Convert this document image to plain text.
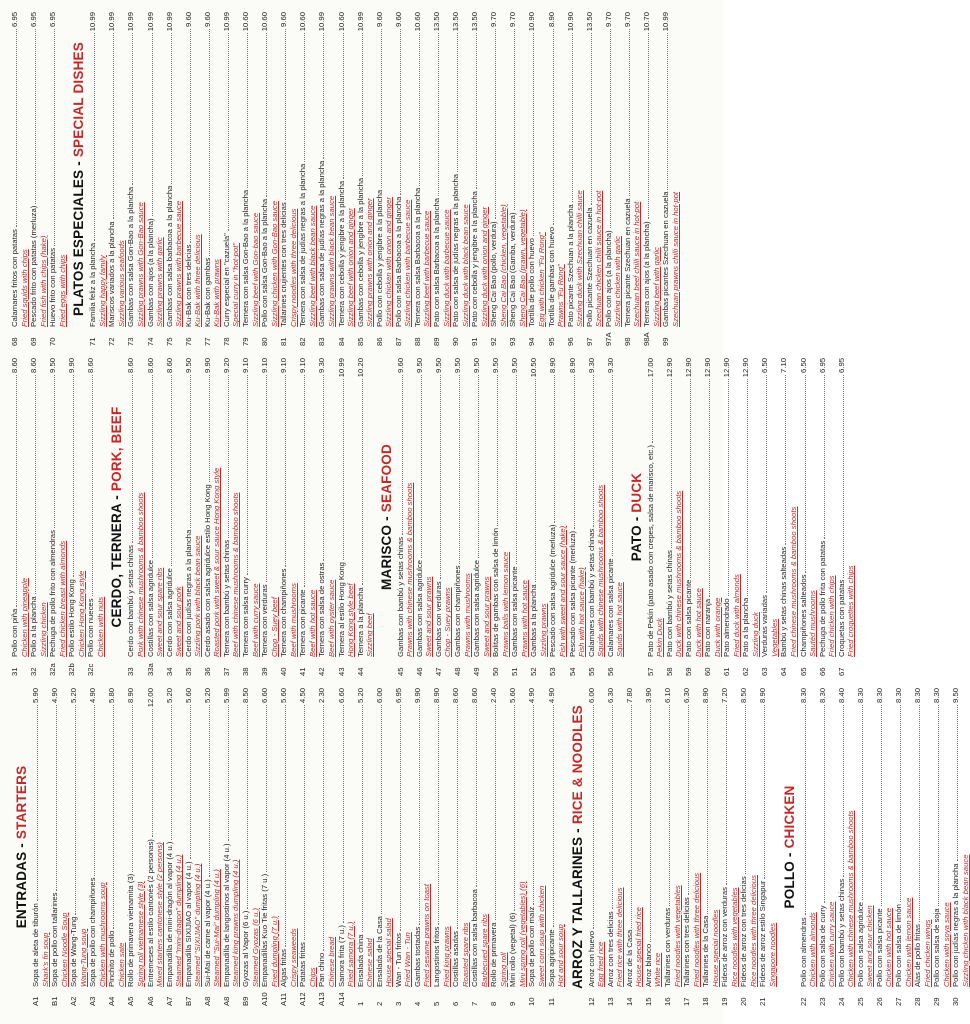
ENTRADAS - STARTERS
A1
Sopa de aleta de tiburón
5.90
Shark's fin soup
B1
Sopa de pollo con tallarines
4.90
Chicken Noodle Soup
A2
Sopa de Wang-Tung
5.20
Wang-Tung soup
A3
Sopa de pollo con champiñones
4.90
Chicken with mushrooms soup
A4
Pinchito de pollo
5.80
Chicken sate
A5
Rollo de primavera vietnamita (3)
8.90
Spring roll vietnamese style (3)
A6
Entremeses al estilo cantonés (2 personas)
12.00
Mixed starters cantonese style (2 persons)
A7
Empanadilla de mini-dragón al vapor (4 u.)
5.20
Steamed "mini-dragon" dumpling (4 u.)
B7
Empanadilla SIXIJIAO al vapor (4 u.)
5.60
Steamed "SIXIJIAO" dumpling (4 u.)
A8
Sui-Mai de carne al vapor (4 u.)
5.20
Steamed "Sui-Mai" dumpling (4 u.)
A8
Empanadilla de langostinos al vapor (4 u.)
5.99
Steamed king prawns dumpling (4 u.)
B9
Gyozas al Vapor (6 u.)
8.50
Steamed Gyozas (6 u.)
A10
Empanadillas Kuo Tie fritas (7 u.)
6.60
Fried dumpling (7 u.)
A11
Algas fritas
5.60
Crispy seaweeds
A12
Patatas fritas
4.50
Chips
A13
Pan chino
2.30
Chinese bread
A14
Samora frita (7 u.)
6.60
Fried samora (7 u.)
1
Ensalada china
5.20
Chinese salad
2
Ensalada de la Casa
6.00
House special salad
3
Wan - Tun fritos
6.95
Fried Wan - Tun
4
Gambas tostadas
9.90
Fried sesame prawns on toast
5
Langostinos fritos
8.90
Fried king prawns
6
Costillas asadas
8.60
Roasted spare ribs
7
Costillas con salsa barbacoa
8.60
Barbecued spare ribs
8
Rollo de primavera
2.40
Spring roll
9
Mini rollo (vegetal) (6)
5.60
Mini spring roll (vegetables) (6)
10
Sopa de pollo con maíz
4.90
Sweet corn soup with chicken
11
Sopa agripicante
4.90
Hot and sour soup ARROZ Y TALLARINES - RICE & NOODLES
12
Arroz con huevo
6.00
Egg fried rice
13
Arroz con tres delicias
6.30
Fried rice with three delicious
14
Arroz de la Casa
7.80
House special fried rice
15
Arroz blanco
3.90
White rice
16
Tallarines con verduras
6.10
Fried noodles with vegetables
17
Tallarines con tres delicias
6.30
Fried noodles with three delicious
18
Tallarines de la Casa
8.90
House special noodles
19
Fideos de arroz con verduras
7.20
Rice noodles with vegetables
20
Fideos de arroz con tres delicias
8.50
Rice noodles with three delicious
21
Fideos de arroz estilo Singapur
8.90
Singapore noodles
POLLO - CHICKEN
22
Pollo con almendras
8.30
Chicken with almonds
23
Pollo con salsa de curry
8.30
Chicken with curry sauce
24
Pollo con bambú y setas chinas
8.40
Chicken with chinese mushrooms & bamboo shoots
25
Pollo con salsa agridulce
8.30
Sweet and sour chicken
26
Pollo con salsa picante
8.30
Chicken with hot sauce
27
Pollo con salsa de limón
8.30
Chicken with lemon sauce
28
Alas de pollo fritas
8.30
Fried chicken wings
29
Pollo con salsa de soja
8.30
Chicken with soya sauce
30
Pollo con judías negras a la plancha
9.50
Sizzling chicken with black bean sauce
31
Pollo con piña
8.60
Chicken with pineapple
32
Pollo a la plancha
8.60
Sizzling chicken
32a
Pechuga de pollo frito con almendras
9.50
Fried chicken breast with almonds
32b
Pollo estilo Hong Kong
9.90
Chicken Hong Kong style
32c
Pollo con nueces
8.60
Chicken with nuts CERDO, TERNERA - PORK, BEEF
33
Cerdo con bambú y setas chinas
8.60
Pork with chinese mushrooms & bamboo shoots
33a
Costillas con salsa agridulce
8.60
Sweet and sour spare ribs
34
Cerdo con salsa agridulce
8.60
Sweet and sour pork
35
Cerdo con judías negras a la plancha
9.50
Sizzling pork with black bean sauce
36
Cerdo asado con salsa agridulce estilo Hong Kong
9.90
Roasted pork with sweet & sour sauce Hong Kong style
37
Ternera con bambú y setas chinas
9.20
Beef with chinese mushrooms & bamboo shoots
38
Ternera con salsa curry
9.10
Beef with curry sauce
39
Ternera con verduras
9.10
Chop - Suey beef
40
Ternera con champiñones
9.10
Beef with mushrooms
41
Ternera con picante
9.10
Beef with hot sauce
42
Ternera con salsa de ostras
9.30
Beef with oyster sauce
43
Ternera al estilo Hong Kong
10.99
Hong Kong style beef
44
Ternera a la plancha
10.20
Sizzling beef
MARISCO - SEAFOOD
45
Gambas con bambú y setas chinas
9.60
Prawns with chinese mushrooms & bamboo shoots
46
Gambas con salsa agridulce
9.50
Sweet and sour prawns
47
Gambas con verduras
9.50
Chop - Suey prawns
48
Gambas con champiñones
9.50
Prawns with mushrooms
49
Gambas con salsa agridulce
9.50
Sweet and sour prawns
50
Bolitas de gambas con salsa de limón
9.50
Prawns balls with lemon sauce
51
Gambas con salsa picante
9.50
Prawns with hot sauce
52
Gambas a la plancha
10.50
Sizzling prawns
53
Pescado con salsa agridulce (merluza)
8.90
Fish with sweet and sour sauce (hake)
54
Pescado con salsa picante (merluza)
8.90
Fish with hot sauce (hake)
55
Calamares con bambú y setas chinas
9.30
Squids with chinese mushrooms & bamboo shoots
56
Calamares con salsa picante
9.30
Squids with hot sauce
PATO - DUCK
57
Pato de Pekín (pato asado con crepes, salsa de marisco, etc.)
17.00
Pekin Duck
58
Pato con bambú y setas chinas
12.90
Duck with chinese mushrooms & bamboo shoots
59
Pato con salsa picante
12.90
Duck with hot sauce
60
Pato con naranja
12.90
Duck with orange
61
Pato almendrado
12.90
Fried duck with almonds
62
Pato a la plancha
12.90
Sizzling duck
63
Verduras variadas
6.50
Vegetables
64
Bambú y setas chinas salteadas
7.10
Fried chinese mushrooms & bamboo shoots
65
Champiñones salteados
6.50
Sautéd mushrooms
66
Pechuga de pollo frita con patatas
6.95
Fried chicken with chips
67
Croquetas con patatas
6.95
Fried croquettes with chips
68
Calamares fritos con patatas
6.95
Fried squids with chips
69
Pescado frito con patatas (merluza)
6.95
Fried fish with chips (hake)
70
Huevo frito con patatas
6.95
Fried eggs with chips PLATOS ESPECIALES - SPECIAL DISHES
71
Familia feliz a la plancha
10.99
Sizzling happy family
72
Mariscos variados a la plancha
10.99
Sizzling various seafoods
73
Gambas con salsa Gon-Bao a la plancha
10.99
Sizzling prawns with Gon-Bao sauce
74
Gambas con ajos (a la plancha)
10.99
Sizzling prawns with garlic
75
Gambas con salsa barbacoa a la plancha
10.99
Sizzling prawns with barbecue sauce
76
Ku-Bak con tres delicias
9.60
Ku-Bak with three delicious
77
Ku-Bak con gambas
9.60
Ku-Bak with prawns
78
Curry especial en "cazuela"
10.99
Special curry in "hot-pot"
79
Ternera con salsa Gon-Bao a la plancha
10.60
Sizzling beef with Gon-bao sauce
80
Pollo con salsa Gon-Bao a la plancha
10.60
Sizzling chicken with Gon-Bao sauce
81
Tallarines crujientes con tres delicias
9.60
Crispy noodles with three delicious
82
Ternera con salsa de judías negras a la plancha
10.60
Sizzling beef with black bean sauce
83
Gambas con salsa de judías negras a la plancha
10.99
Sizzling prawns with black bean sauce
84
Ternera con cebolla y jengibre a la plancha
10.60
Sizzling beef with onion and ginger
85
Gambas con cebolla y jengibre a la plancha
10.99
Sizzling prawns with onion and ginger
86
Pollo con cebolla y jengibre a la plancha
9.60
Sizzling chicken with onion and ginger
87
Pollo con salsa Barbacoa a la plancha
9.60
Sizzling chicken with barbecue sauce
88
Ternera con salsa Barbacoa a la plancha
10.60
Sizzling beef with barbecue sauce
89
Pato con salsa Barbacoa a la plancha
13.50
Sizzling duck with barbecue sauce
90
Pato con salsa de judías negras a la plancha
13.50
Sizzling duck with black bean sauce
91
Pato con cebolla y jengibre a la plancha
13.50
Sizzling duck with onion and ginger
92
Sheng Cai Bao (pollo, verdura)
9.70
Sheng Cai Bao (chicken, vegetable)
93
Sheng Cai Bao (Gamba, verdura)
9.70
Sheng Cai Bao (prawn, vegetable)
94
Tortilla de pollo con huevo
10.90
Egg with chicken "Fu Rong"
95
Tortilla de gambas con huevo
8.90
Prawns "Fu Rong"
96
Pato picante Szechuan a la plancha
10.90
Sizzling duck with Szechuan chilli sauce
97
Pollo picante Szechuan en cazuela
13.50
Szechuan chicken chilli sauce in hot-pot
97A
Pollo con ajos (a la plancha)
9.70
Sizzling chicken with garlic
98
Ternera picante Szechuan en cazuela
9.70
Szechuan beef chilli sauce in hot-pot
98A
Ternera con ajos (a la plancha)
10.70
Sizzling beef with garlic
99
Gambas picantes Szechuan en cazuela
10.99
Szechuan prawns chilli sauce in hot-pot
